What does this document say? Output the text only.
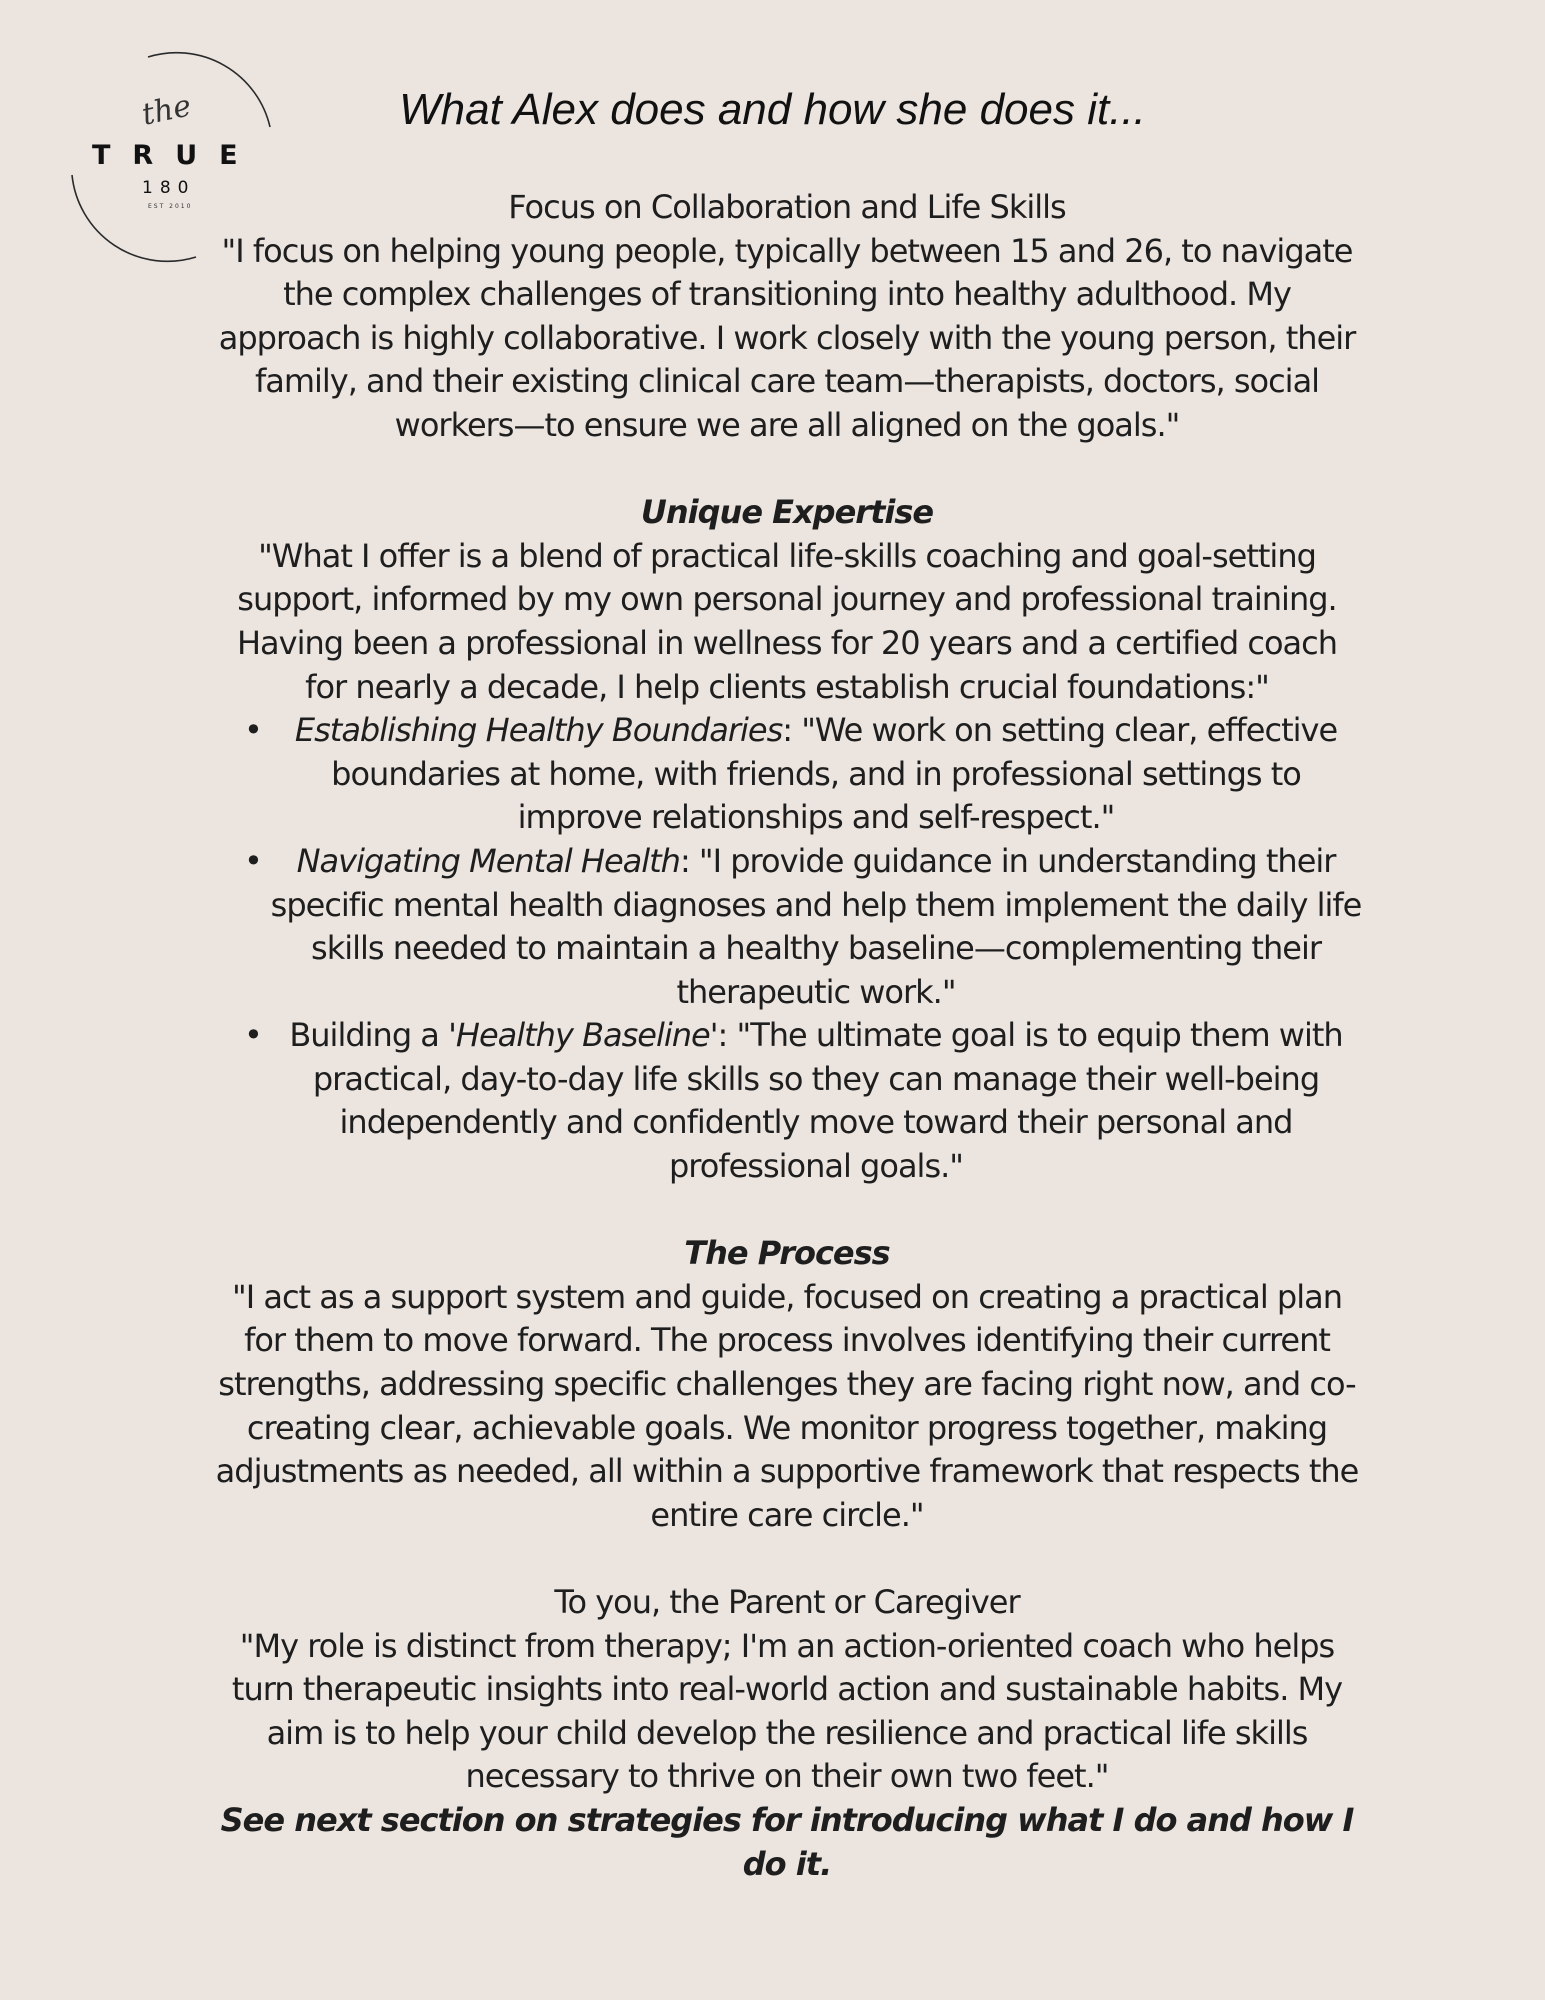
the
TRUE
180
EST 2010
What Alex does and how she does it...

Focus on Collaboration and Life Skills

"I focus on helping young people, typically between 15 and 26, to navigate the complex challenges of transitioning into healthy adulthood. My approach is highly collaborative. I work closely with the young person, their family, and their existing clinical care team—therapists, doctors, social workers—to ensure we are all aligned on the goals."

Unique Expertise

"What I offer is a blend of practical life-skills coaching and goal-setting support, informed by my own personal journey and professional training. Having been a professional in wellness for 20 years and a certified coach for nearly a decade, I help clients establish crucial foundations:"

• Establishing Healthy Boundaries: "We work on setting clear, effective boundaries at home, with friends, and in professional settings to improve relationships and self-respect."
• Navigating Mental Health: "I provide guidance in understanding their specific mental health diagnoses and help them implement the daily life skills needed to maintain a healthy baseline—complementing their therapeutic work."
• Building a 'Healthy Baseline': "The ultimate goal is to equip them with practical, day-to-day life skills so they can manage their well-being independently and confidently move toward their personal and professional goals."

The Process

"I act as a support system and guide, focused on creating a practical plan for them to move forward. The process involves identifying their current strengths, addressing specific challenges they are facing right now, and co-creating clear, achievable goals. We monitor progress together, making adjustments as needed, all within a supportive framework that respects the entire care circle."

To you, the Parent or Caregiver

"My role is distinct from therapy; I'm an action-oriented coach who helps turn therapeutic insights into real-world action and sustainable habits. My aim is to help your child develop the resilience and practical life skills necessary to thrive on their own two feet."

See next section on strategies for introducing what I do and how I do it.
